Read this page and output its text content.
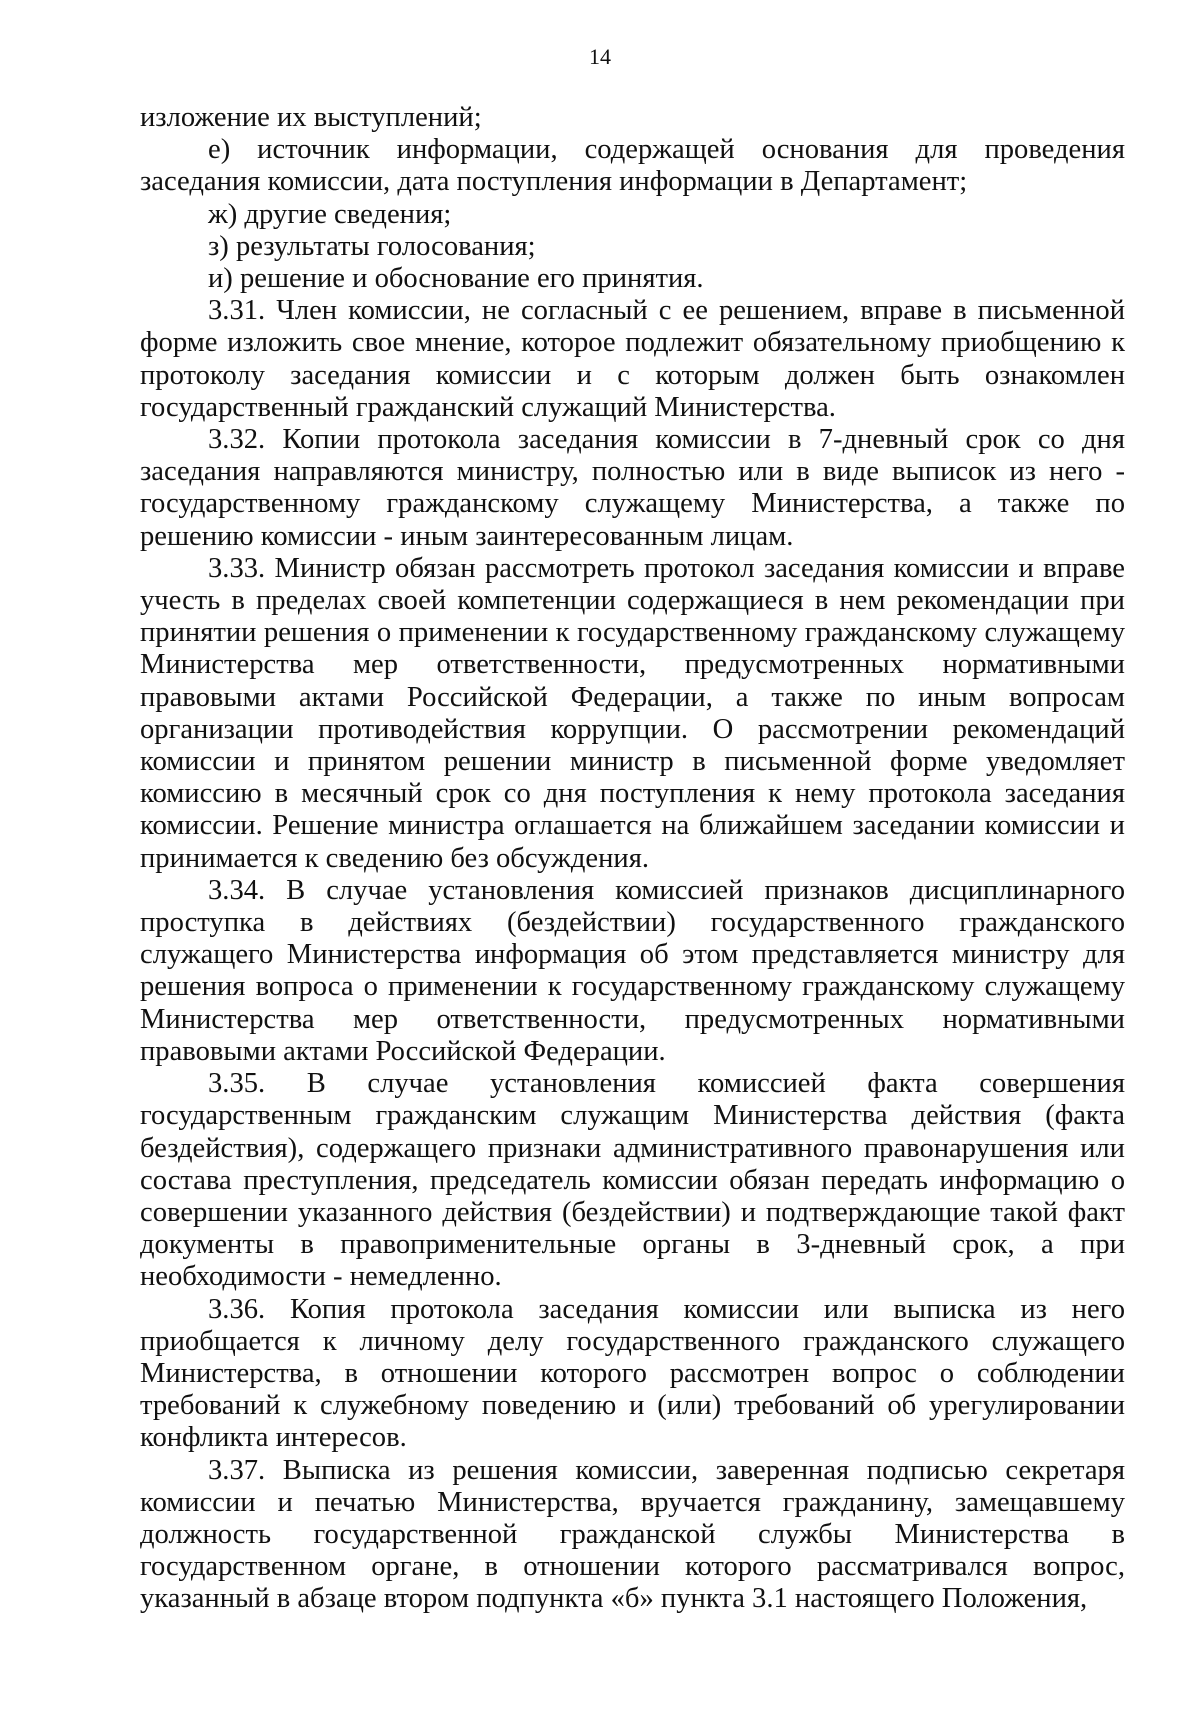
14

изложение их выступлений;

е) источник информации, содержащей основания для проведения заседания комиссии, дата поступления информации в Департамент;

ж) другие сведения;

з) результаты голосования;

и) решение и обоснование его принятия.

3.31. Член комиссии, не согласный с ее решением, вправе в письменной форме изложить свое мнение, которое подлежит обязательному приобщению к протоколу заседания комиссии и с которым должен быть ознакомлен государственный гражданский служащий Министерства.

3.32. Копии протокола заседания комиссии в 7-дневный срок со дня заседания направляются министру, полностью или в виде выписок из него - государственному гражданскому служащему Министерства, а также по решению комиссии - иным заинтересованным лицам.

3.33. Министр обязан рассмотреть протокол заседания комиссии и вправе учесть в пределах своей компетенции содержащиеся в нем рекомендации при принятии решения о применении к государственному гражданскому служащему Министерства мер ответственности, предусмотренных нормативными правовыми актами Российской Федерации, а также по иным вопросам организации противодействия коррупции. О рассмотрении рекомендаций комиссии и принятом решении министр в письменной форме уведомляет комиссию в месячный срок со дня поступления к нему протокола заседания комиссии. Решение министра оглашается на ближайшем заседании комиссии и принимается к сведению без обсуждения.

3.34. В случае установления комиссией признаков дисциплинарного проступка в действиях (бездействии) государственного гражданского служащего Министерства информация об этом представляется министру для решения вопроса о применении к государственному гражданскому служащему Министерства мер ответственности, предусмотренных нормативными правовыми актами Российской Федерации.

3.35. В случае установления комиссией факта совершения государственным гражданским служащим Министерства действия (факта бездействия), содержащего признаки административного правонарушения или состава преступления, председатель комиссии обязан передать информацию о совершении указанного действия (бездействии) и подтверждающие такой факт документы в правоприменительные органы в 3-дневный срок, а при необходимости - немедленно.

3.36. Копия протокола заседания комиссии или выписка из него приобщается к личному делу государственного гражданского служащего Министерства, в отношении которого рассмотрен вопрос о соблюдении требований к служебному поведению и (или) требований об урегулировании конфликта интересов.

3.37. Выписка из решения комиссии, заверенная подписью секретаря комиссии и печатью Министерства, вручается гражданину, замещавшему должность государственной гражданской службы Министерства в государственном органе, в отношении которого рассматривался вопрос, указанный в абзаце втором подпункта «б» пункта 3.1 настоящего Положения,
